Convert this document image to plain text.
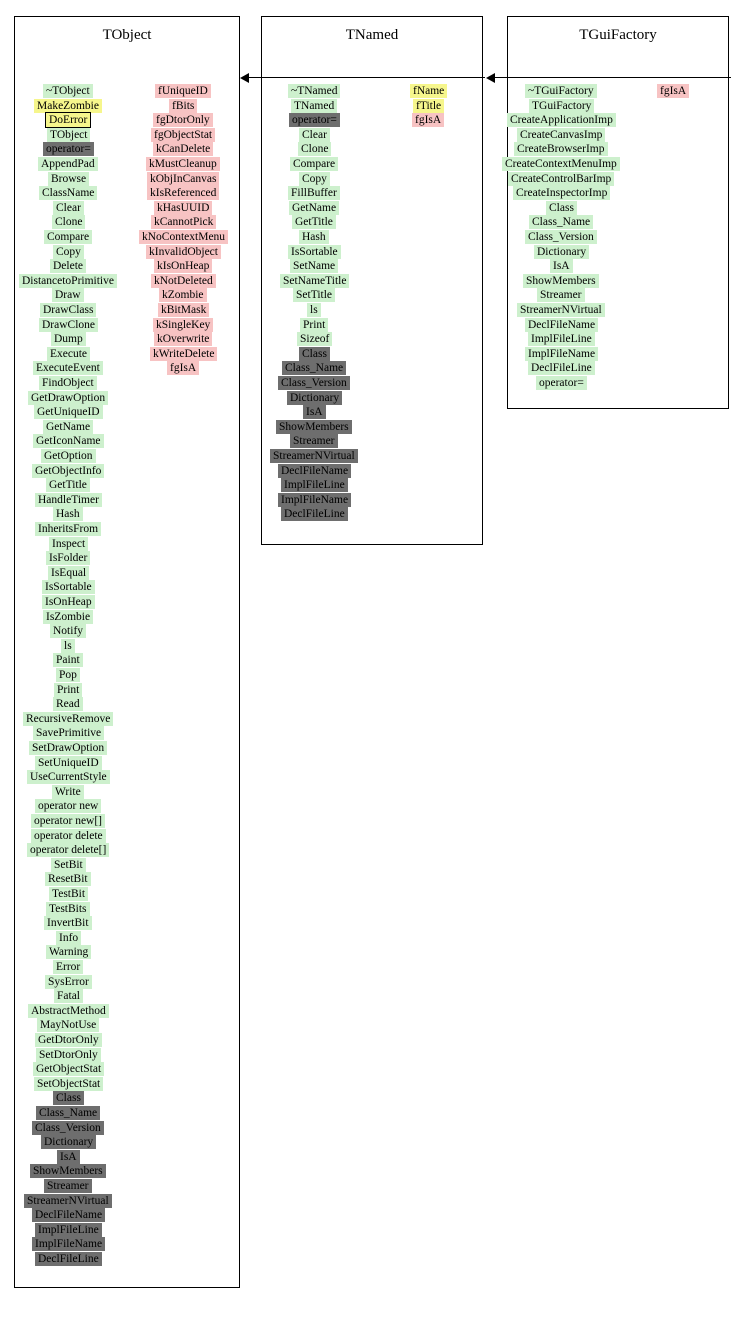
TObject
~TObject
MakeZombie
DoError
TObject
operator=
AppendPad
Browse
ClassName
Clear
Clone
Compare
Copy
Delete
DistancetoPrimitive
Draw
DrawClass
DrawClone
Dump
Execute
ExecuteEvent
FindObject
GetDrawOption
GetUniqueID
GetName
GetIconName
GetOption
GetObjectInfo
GetTitle
HandleTimer
Hash
InheritsFrom
Inspect
IsFolder
IsEqual
IsSortable
IsOnHeap
IsZombie
Notify
ls
Paint
Pop
Print
Read
RecursiveRemove
SavePrimitive
SetDrawOption
SetUniqueID
UseCurrentStyle
Write
operator new
operator new[]
operator delete
operator delete[]
SetBit
ResetBit
TestBit
TestBits
InvertBit
Info
Warning
Error
SysError
Fatal
AbstractMethod
MayNotUse
GetDtorOnly
SetDtorOnly
GetObjectStat
SetObjectStat
Class
Class_Name
Class_Version
Dictionary
IsA
ShowMembers
Streamer
StreamerNVirtual
DeclFileName
ImplFileLine
ImplFileName
DeclFileLine
fUniqueID
fBits
fgDtorOnly
fgObjectStat
kCanDelete
kMustCleanup
kObjInCanvas
kIsReferenced
kHasUUID
kCannotPick
kNoContextMenu
kInvalidObject
kIsOnHeap
kNotDeleted
kZombie
kBitMask
kSingleKey
kOverwrite
kWriteDelete
fgIsA
TNamed
~TNamed
TNamed
operator=
Clear
Clone
Compare
Copy
FillBuffer
GetName
GetTitle
Hash
IsSortable
SetName
SetNameTitle
SetTitle
ls
Print
Sizeof
Class
Class_Name
Class_Version
Dictionary
IsA
ShowMembers
Streamer
StreamerNVirtual
DeclFileName
ImplFileLine
ImplFileName
DeclFileLine
fName
fTitle
fgIsA
TGuiFactory
~TGuiFactory
TGuiFactory
CreateApplicationImp
CreateCanvasImp
CreateBrowserImp
CreateContextMenuImp
CreateControlBarImp
CreateInspectorImp
Class
Class_Name
Class_Version
Dictionary
IsA
ShowMembers
Streamer
StreamerNVirtual
DeclFileName
ImplFileLine
ImplFileName
DeclFileLine
operator=
fgIsA
